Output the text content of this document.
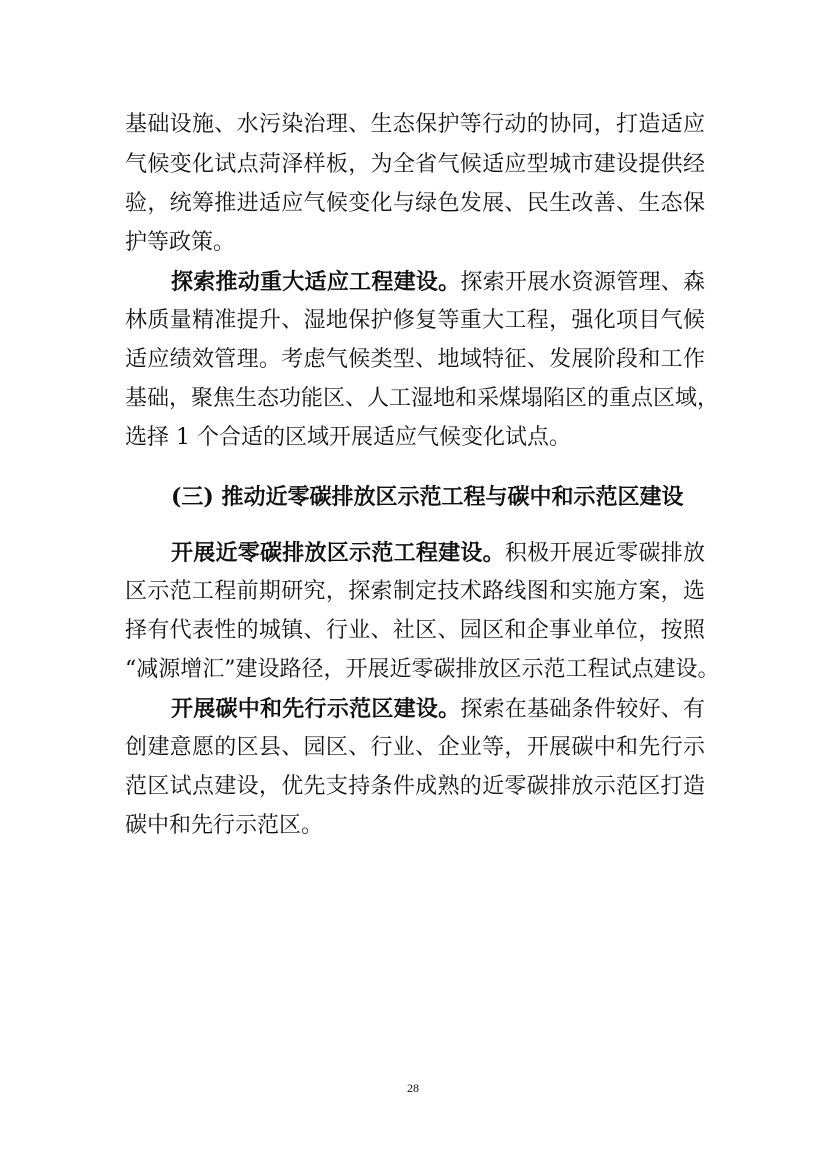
基础设施、水污染治理、生态保护等行动的协同，打造适应
气候变化试点菏泽样板，为全省气候适应型城市建设提供经
验，统筹推进适应气候变化与绿色发展、民生改善、生态保
护等政策。
探索推动重大适应工程建设。探索开展水资源管理、森
林质量精准提升、湿地保护修复等重大工程，强化项目气候
适应绩效管理。考虑气候类型、地域特征、发展阶段和工作
基础，聚焦生态功能区、人工湿地和采煤塌陷区的重点区域，
选择 1 个合适的区域开展适应气候变化试点。
(三) 推动近零碳排放区示范工程与碳中和示范区建设
开展近零碳排放区示范工程建设。积极开展近零碳排放
区示范工程前期研究，探索制定技术路线图和实施方案，选
择有代表性的城镇、行业、社区、园区和企事业单位，按照
“减源增汇”建设路径，开展近零碳排放区示范工程试点建设。
开展碳中和先行示范区建设。探索在基础条件较好、有
创建意愿的区县、园区、行业、企业等，开展碳中和先行示
范区试点建设，优先支持条件成熟的近零碳排放示范区打造
碳中和先行示范区。
28
